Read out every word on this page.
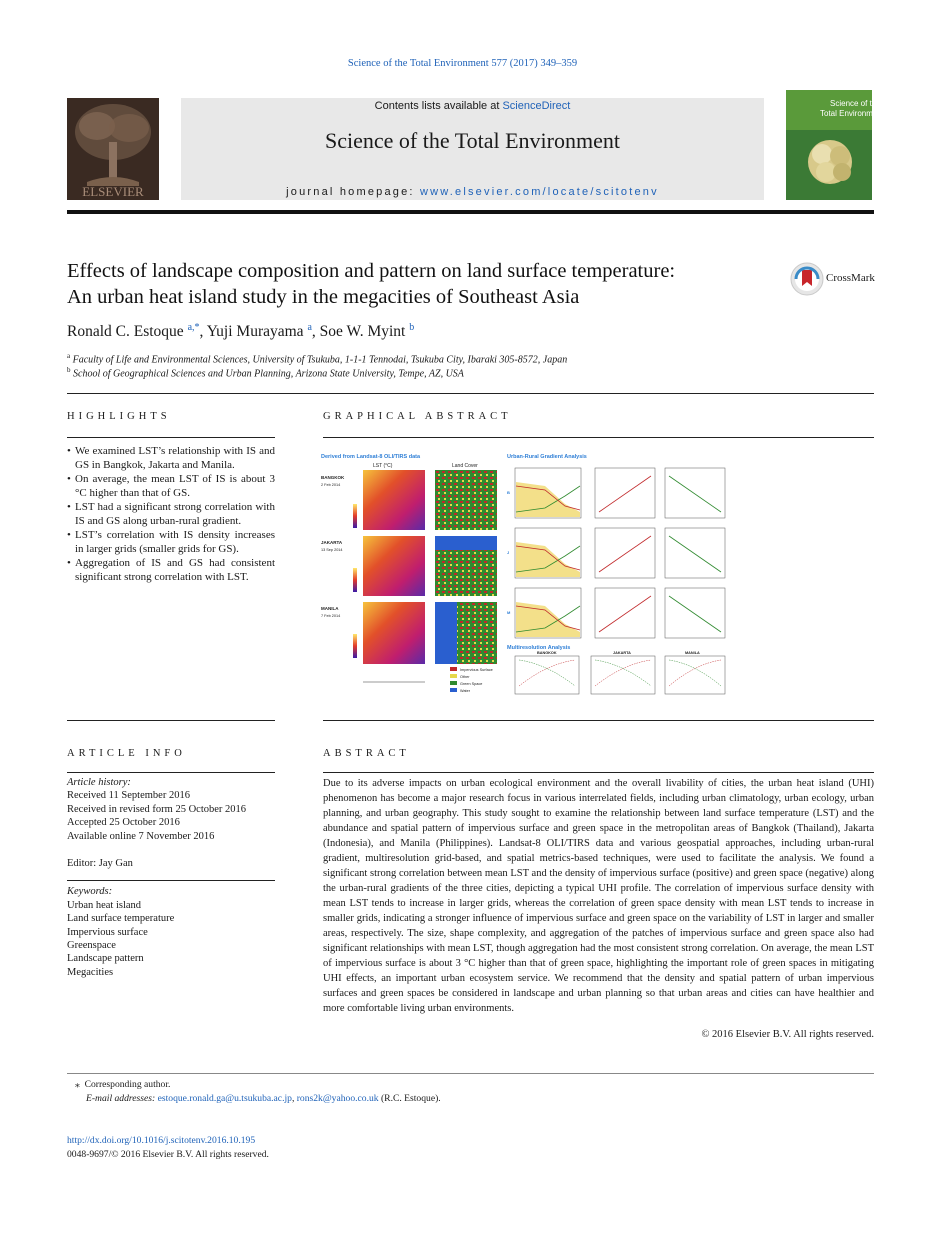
Science of the Total Environment 577 (2017) 349–359
ELSEVIER
Contents lists available at ScienceDirect
Science of the Total Environment
journal homepage: www.elsevier.com/locate/scitotenv
Science of the Total Environment
Effects of landscape composition and pattern on land surface temperature:
An urban heat island study in the megacities of Southeast Asia
CrossMark
Ronald C. Estoque $^{a,*}$, Yuji Murayama $^a$, Soe W. Myint $^b$
$^a$ Faculty of Life and Environmental Sciences, University of Tsukuba, 1-1-1 Tennodai, Tsukuba City, Ibaraki 305-8572, Japan
$^b$ School of Geographical Sciences and Urban Planning, Arizona State University, Tempe, AZ, USA
HIGHLIGHTS
• We examined LST’s relationship with IS and GS in Bangkok, Jakarta and Manila.
• On average, the mean LST of IS is about 3 °C higher than that of GS.
• LST had a significant strong correlation with IS and GS along urban-rural gradient.
• LST’s correlation with IS density increases in larger grids (smaller grids for GS).
• Aggregation of IS and GS had consistent significant strong correlation with LST.
GRAPHICAL ABSTRACT
Derived from Landsat-8 OLI/TIRS data
LST (°C)	Land Cover
BANGKOK
2 Feb 2014
JAKARTA
13 Sep 2014
MANILA
7 Feb 2014
Impervious Surface
Other
Green Space
Water
Urban-Rural Gradient Analysis
B
J
M
Multiresolution Analysis
BANGKOK	JAKARTA	MANILA
ARTICLE INFO
Article history:
Received 11 September 2016
Received in revised form 25 October 2016
Accepted 25 October 2016
Available online 7 November 2016
Editor: Jay Gan
Keywords:
Urban heat island
Land surface temperature
Impervious surface
Greenspace
Landscape pattern
Megacities
ABSTRACT
Due to its adverse impacts on urban ecological environment and the overall livability of cities, the urban heat island (UHI) phenomenon has become a major research focus in various interrelated fields, including urban climatology, urban ecology, urban planning, and urban geography. This study sought to examine the relationship between land surface temperature (LST) and the abundance and spatial pattern of impervious surface and green space in the metropolitan areas of Bangkok (Thailand), Jakarta (Indonesia), and Manila (Philippines). Landsat-8 OLI/TIRS data and various geospatial approaches, including urban-rural gradient, multiresolution grid-based, and spatial metrics-based techniques, were used to facilitate the analysis. We found a significant strong correlation between mean LST and the density of impervious surface (positive) and green space (negative) along the urban-rural gradients of the three cities, depicting a typical UHI profile. The correlation of impervious surface density with mean LST tends to increase in larger grids, whereas the correlation of green space density with mean LST tends to increase in smaller grids, indicating a stronger influence of impervious surface and green space on the variability of LST in larger and smaller areas, respectively. The size, shape complexity, and aggregation of the patches of impervious surface and green space also had significant relationships with mean LST, though aggregation had the most consistent strong correlation. On average, the mean LST of impervious surface is about 3 °C higher than that of green space, highlighting the important role of green spaces in mitigating UHI effects, an important urban ecosystem service. We recommend that the density and spatial pattern of urban impervious surfaces and green spaces be considered in landscape and urban planning so that urban areas and cities can have healthier and more comfortable living urban environments.
© 2016 Elsevier B.V. All rights reserved.
⁎ Corresponding author.
E-mail addresses: estoque.ronald.ga@u.tsukuba.ac.jp, rons2k@yahoo.co.uk (R.C. Estoque).
http://dx.doi.org/10.1016/j.scitotenv.2016.10.195
0048-9697/© 2016 Elsevier B.V. All rights reserved.
